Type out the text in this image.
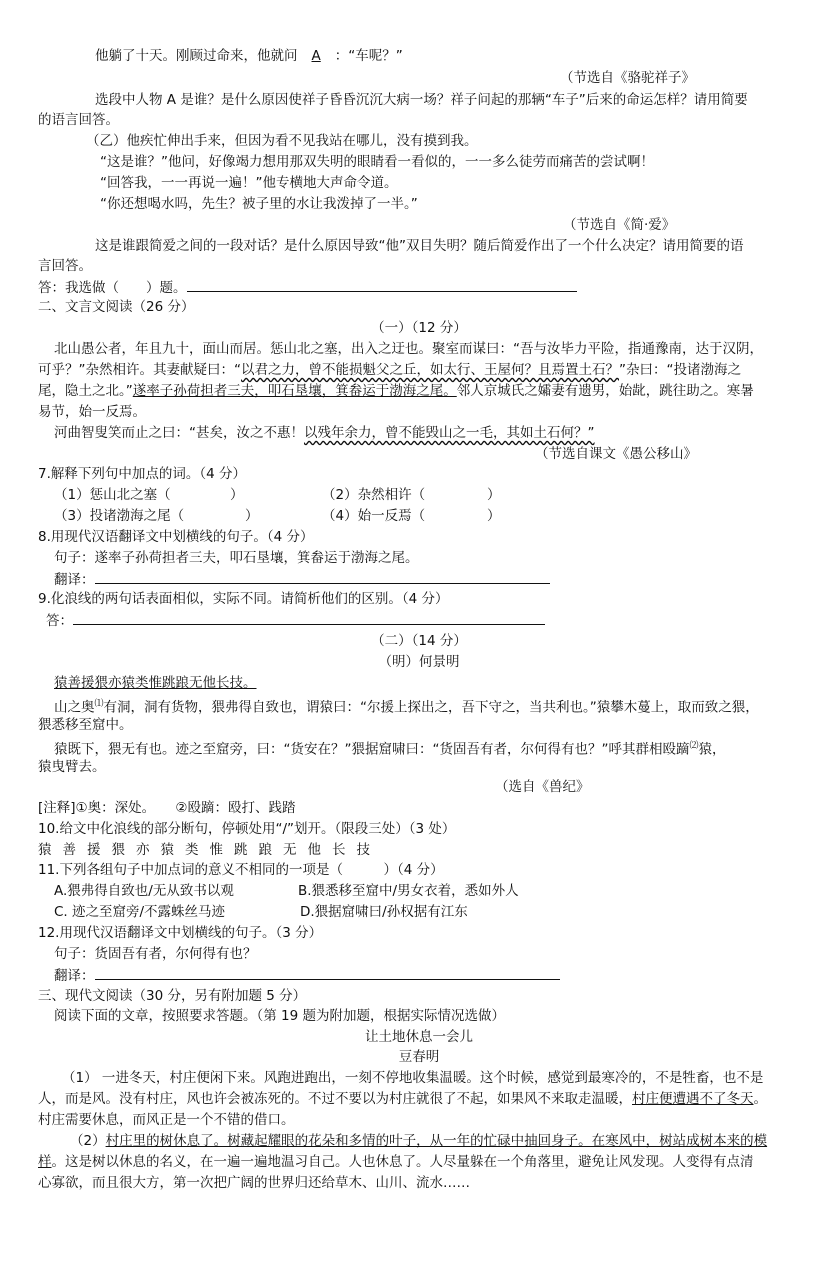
他躺了十天。刚顾过命来，他就问 A ：“车呢？”
（节选自《骆驼祥子》
选段中人物 A 是谁？是什么原因使祥子昏昏沉沉大病一场？祥子问起的那辆“车子”后来的命运怎样？请用简要
的语言回答。
（乙）他疾忙伸出手来，但因为看不见我站在哪儿，没有摸到我。
“这是谁？”他问，好像竭力想用那双失明的眼睛看一看似的，一一多么徒劳而痛苦的尝试啊！
“回答我，一一再说一遍！”他专横地大声命令道。
“你还想喝水吗，先生？被子里的水让我泼掉了一半。”
（节选自《简·爱》
这是谁跟简爱之间的一段对话？是什么原因导致“他”双目失明？随后简爱作出了一个什么决定？请用简要的语
言回答。
答：我选做（　　）题。
二、文言文阅读（26 分）
（一）（12 分）
北山愚公者，年且九十，面山而居。惩山北之塞，出入之迂也。聚室而谋曰：“吾与汝毕力平险，指通豫南，达于汉阴，
可乎？”杂然相许。其妻献疑曰：“以君之力，曾不能损魁父之丘，如太行、王屋何？且焉置土石？”杂曰：“投诸渤海之
尾，隐土之北。”遂率子孙荷担者三夫，叩石垦壤，箕畚运于渤海之尾。邻人京城氏之孀妻有遗男，始龀，跳往助之。寒暑
易节，始一反焉。
河曲智叟笑而止之曰：“甚矣，汝之不惠！以残年余力，曾不能毁山之一毛，其如土石何？”
（节选自课文《愚公移山》
7.解释下列句中加点的词。（4 分）
（1）惩山北之塞（	）	（2）杂然相许（	）
（3）投诸渤海之尾（	）	（4）始一反焉（	）
8.用现代汉语翻译文中划横线的句子。（4 分）
句子：遂率子孙荷担者三夫，叩石垦壤，箕畚运于渤海之尾。
翻译：
9.化浪线的两句话表面相似，实际不同。请简析他们的区别。（4 分）
答：
（二）（14 分）
（明）何景明
猿善援猥亦猿类惟跳踉无他长技。
山之奥⑴有洞，洞有货物，猥弗得自致也，谓猿曰：“尔援上探出之，吾下守之，当共利也。”猿攀木蔓上，取而致之猥，
猥悉移至窟中。
猿既下，猥无有也。迹之至窟旁，曰：“货安在？”猥据窟啸曰：“货固吾有者，尔何得有也？”呼其群相殴蹢⑵猿，
猿曳臂去。
（选自《兽纪》
[注释]①奥：深处。　　②殴蹢：殴打、践踏
10.给文中化浪线的部分断句，停顿处用“/”划开。（限段三处）（3 处）
猿善援猥亦猿类惟跳踉无他长技
11.下列各组句子中加点词的意义不相同的一项是（　　　）（4 分）
A.猥弗得自致也/无从致书以观	B.猥悉移至窟中/男女衣着，悉如外人
C. 迹之至窟旁/不露蛛丝马迹	D.猥据窟啸曰/孙权据有江东
12.用现代汉语翻译文中划横线的句子。（3 分）
句子：货固吾有者，尔何得有也？
翻译：
三、现代文阅读（30 分，另有附加题 5 分）
阅读下面的文章，按照要求答题。（第 19 题为附加题，根据实际情况选做）
让土地休息一会儿
豆春明
（1） 一进冬天，村庄便闲下来。风跑进跑出，一刻不停地收集温暖。这个时候，感觉到最寒冷的，不是牲畜，也不是
人，而是风。没有村庄，风也许会被冻死的。不过不要以为村庄就很了不起，如果风不来取走温暖，村庄便遭遇不了冬天。
村庄需要休息，而风正是一个不错的借口。
（2）村庄里的树休息了。树藏起耀眼的花朵和多情的叶子，从一年的忙碌中抽回身子。在寒风中，树站成树本来的模
样。这是树以休息的名义，在一遍一遍地温习自己。人也休息了。人尽量躲在一个角落里，避免让风发现。人变得有点清
心寡欲，而且很大方，第一次把广阔的世界归还给草木、山川、流水……
